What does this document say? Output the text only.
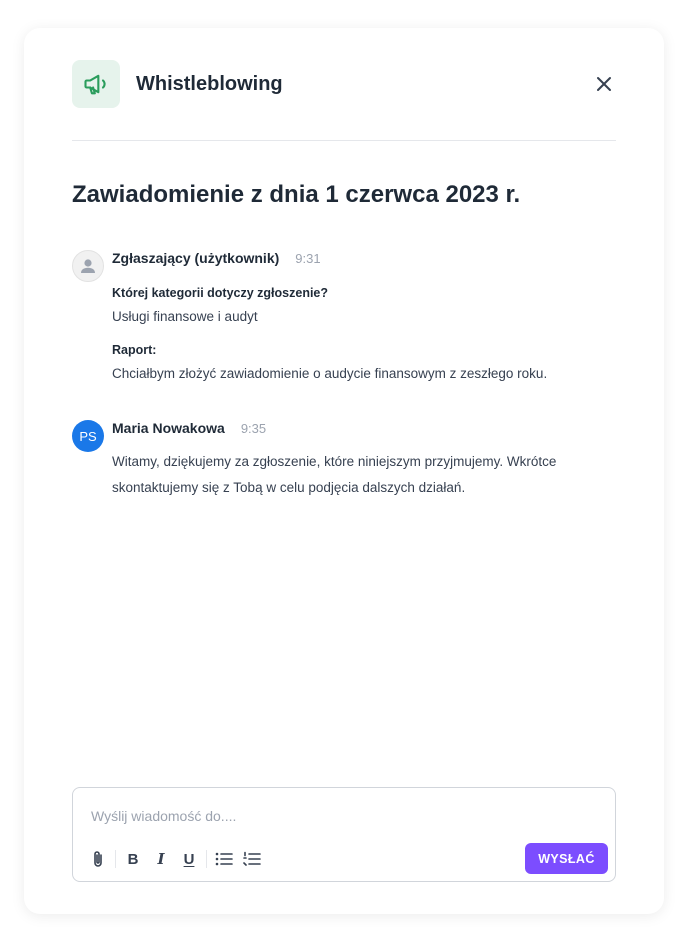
Whistleblowing
Zawiadomienie z dnia 1 czerwca 2023 r.
Zgłaszający (użytkownik) 9:31
Której kategorii dotyczy zgłoszenie?
Usługi finansowe i audyt
Raport:
Chciałbym złożyć zawiadomienie o audycie finansowym z zeszłego roku.
PS	Maria Nowakowa 9:35
Witamy, dziękujemy za zgłoszenie, które niniejszym przyjmujemy. Wkrótce skontaktujemy się z Tobą w celu podjęcia dalszych działań.
Wyślij wiadomość do....
B	I	U	WYSŁAĆ
